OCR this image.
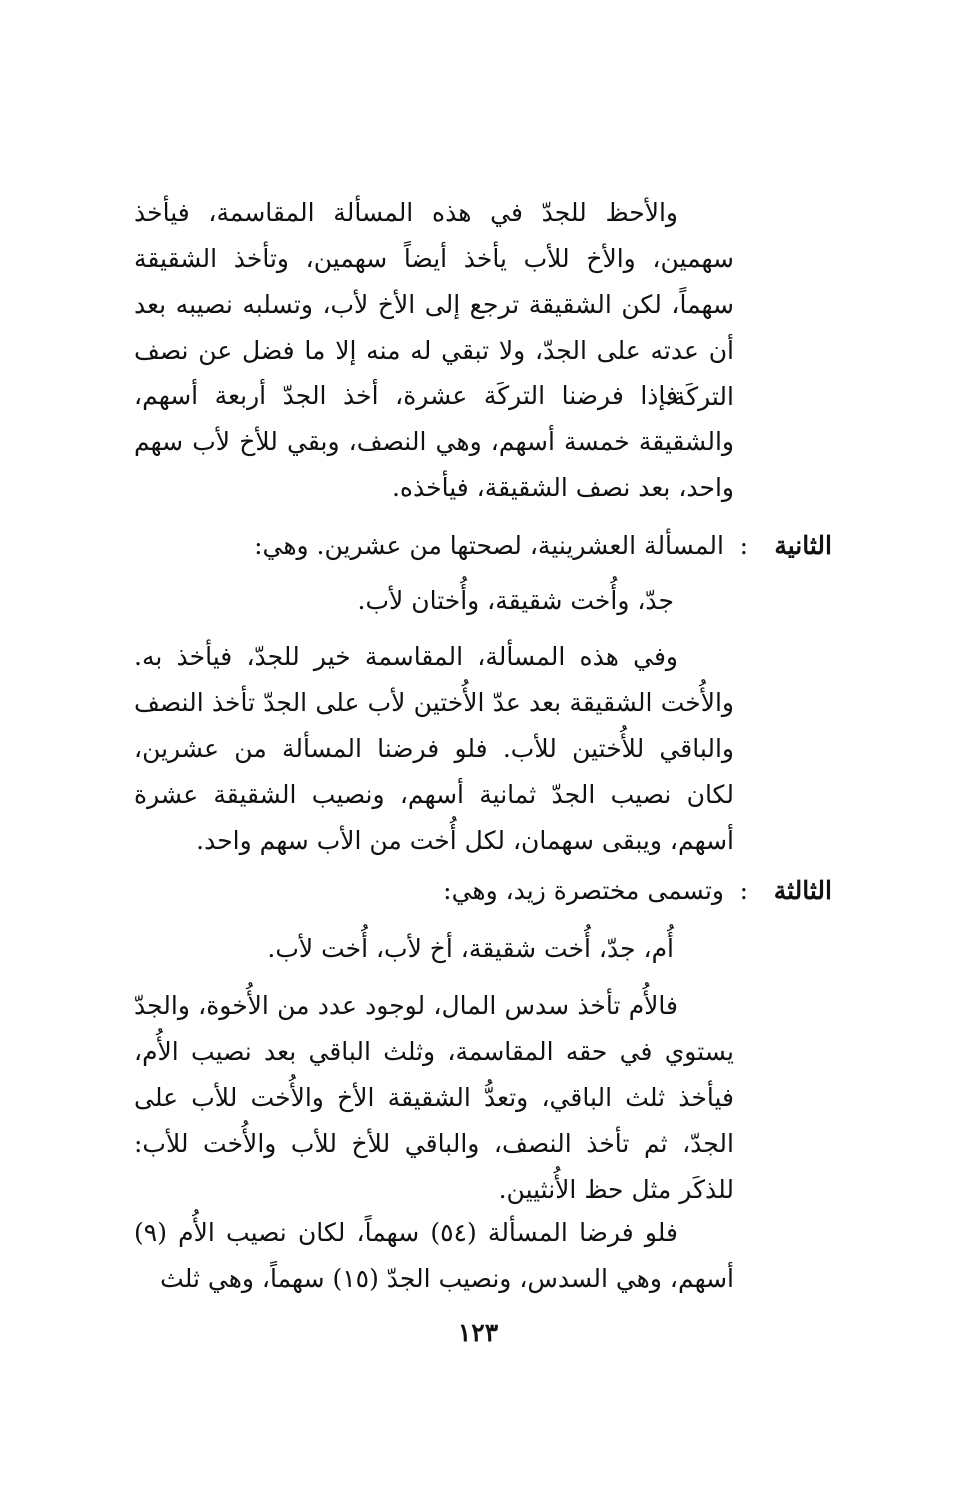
والأحظ للجدّ في هذه المسألة المقاسمة، فيأخذ سهمين، والأخ للأب يأخذ أيضاً سهمين، وتأخذ الشقيقة سهماً، لكن الشقيقة ترجع إلى الأخ لأب، وتسلبه نصيبه بعد أن عدته على الجدّ، ولا تبقي له منه إلا ما فضل عن نصف التركَة.

فإذا فرضنا التركَة عشرة، أخذ الجدّ أربعة أسهم، والشقيقة خمسة أسهم، وهي النصف، وبقي للأخ لأب سهم واحد، بعد نصف الشقيقة، فيأخذه.

الثانية
:
المسألة العشرينية، لصحتها من عشرين. وهي:
جدّ، وأُخت شقيقة، وأُختان لأب.

وفي هذه المسألة، المقاسمة خير للجدّ، فيأخذ به. والأُخت الشقيقة بعد عدّ الأُختين لأب على الجدّ تأخذ النصف والباقي للأُختين للأب. فلو فرضنا المسألة من عشرين، لكان نصيب الجدّ ثمانية أسهم، ونصيب الشقيقة عشرة أسهم، ويبقى سهمان، لكل أُخت من الأب سهم واحد.

الثالثة
:
وتسمى مختصرة زيد، وهي:
أُم، جدّ، أُخت شقيقة، أخ لأب، أُخت لأب.

فالأُم تأخذ سدس المال، لوجود عدد من الأُخوة، والجدّ يستوي في حقه المقاسمة، وثلث الباقي بعد نصيب الأُم، فيأخذ ثلث الباقي، وتعدُّ الشقيقة الأخ والأُخت للأب على الجدّ، ثم تأخذ النصف، والباقي للأخ للأب والأُخت للأب: للذكَر مثل حظ الأُنثيين.

فلو فرضا المسألة (٥٤) سهماً، لكان نصيب الأُم (٩) أسهم، وهي السدس، ونصيب الجدّ (١٥) سهماً، وهي ثلث

١٢٣
